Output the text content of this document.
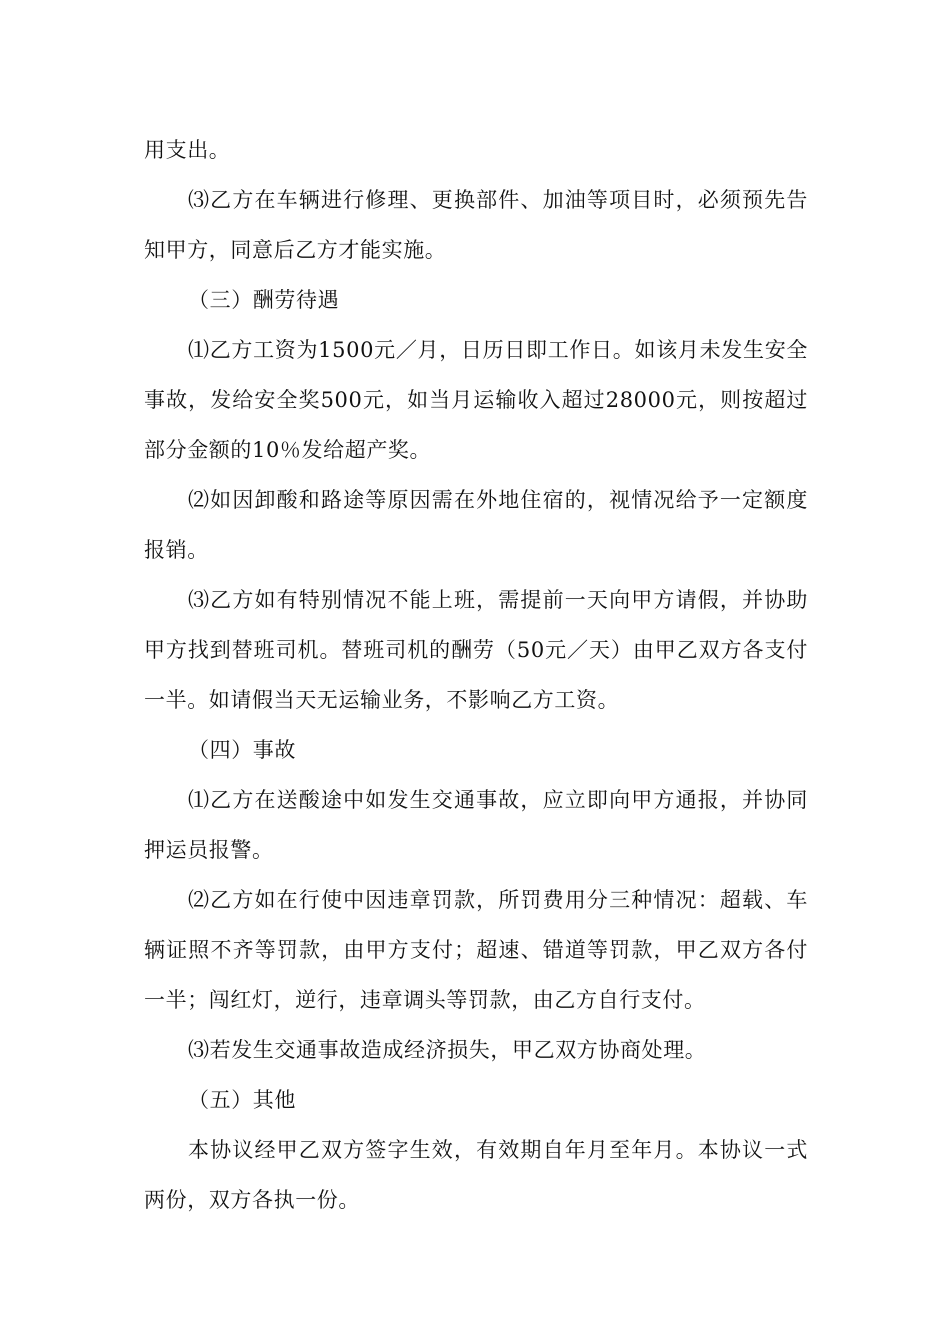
用支出。

⑶乙方在车辆进行修理、更换部件、加油等项目时，必须预先告知甲方，同意后乙方才能实施。

（三）酬劳待遇

⑴乙方工资为1500元／月，日历日即工作日。如该月未发生安全事故，发给安全奖500元，如当月运输收入超过28000元，则按超过部分金额的10％发给超产奖。

⑵如因卸酸和路途等原因需在外地住宿的，视情况给予一定额度报销。

⑶乙方如有特别情况不能上班，需提前一天向甲方请假，并协助甲方找到替班司机。替班司机的酬劳（50元／天）由甲乙双方各支付一半。如请假当天无运输业务，不影响乙方工资。

（四）事故

⑴乙方在送酸途中如发生交通事故，应立即向甲方通报，并协同押运员报警。

⑵乙方如在行使中因违章罚款，所罚费用分三种情况：超载、车辆证照不齐等罚款，由甲方支付；超速、错道等罚款，甲乙双方各付一半；闯红灯，逆行，违章调头等罚款，由乙方自行支付。

⑶若发生交通事故造成经济损失，甲乙双方协商处理。

（五）其他

本协议经甲乙双方签字生效，有效期自年月至年月。本协议一式两份，双方各执一份。
